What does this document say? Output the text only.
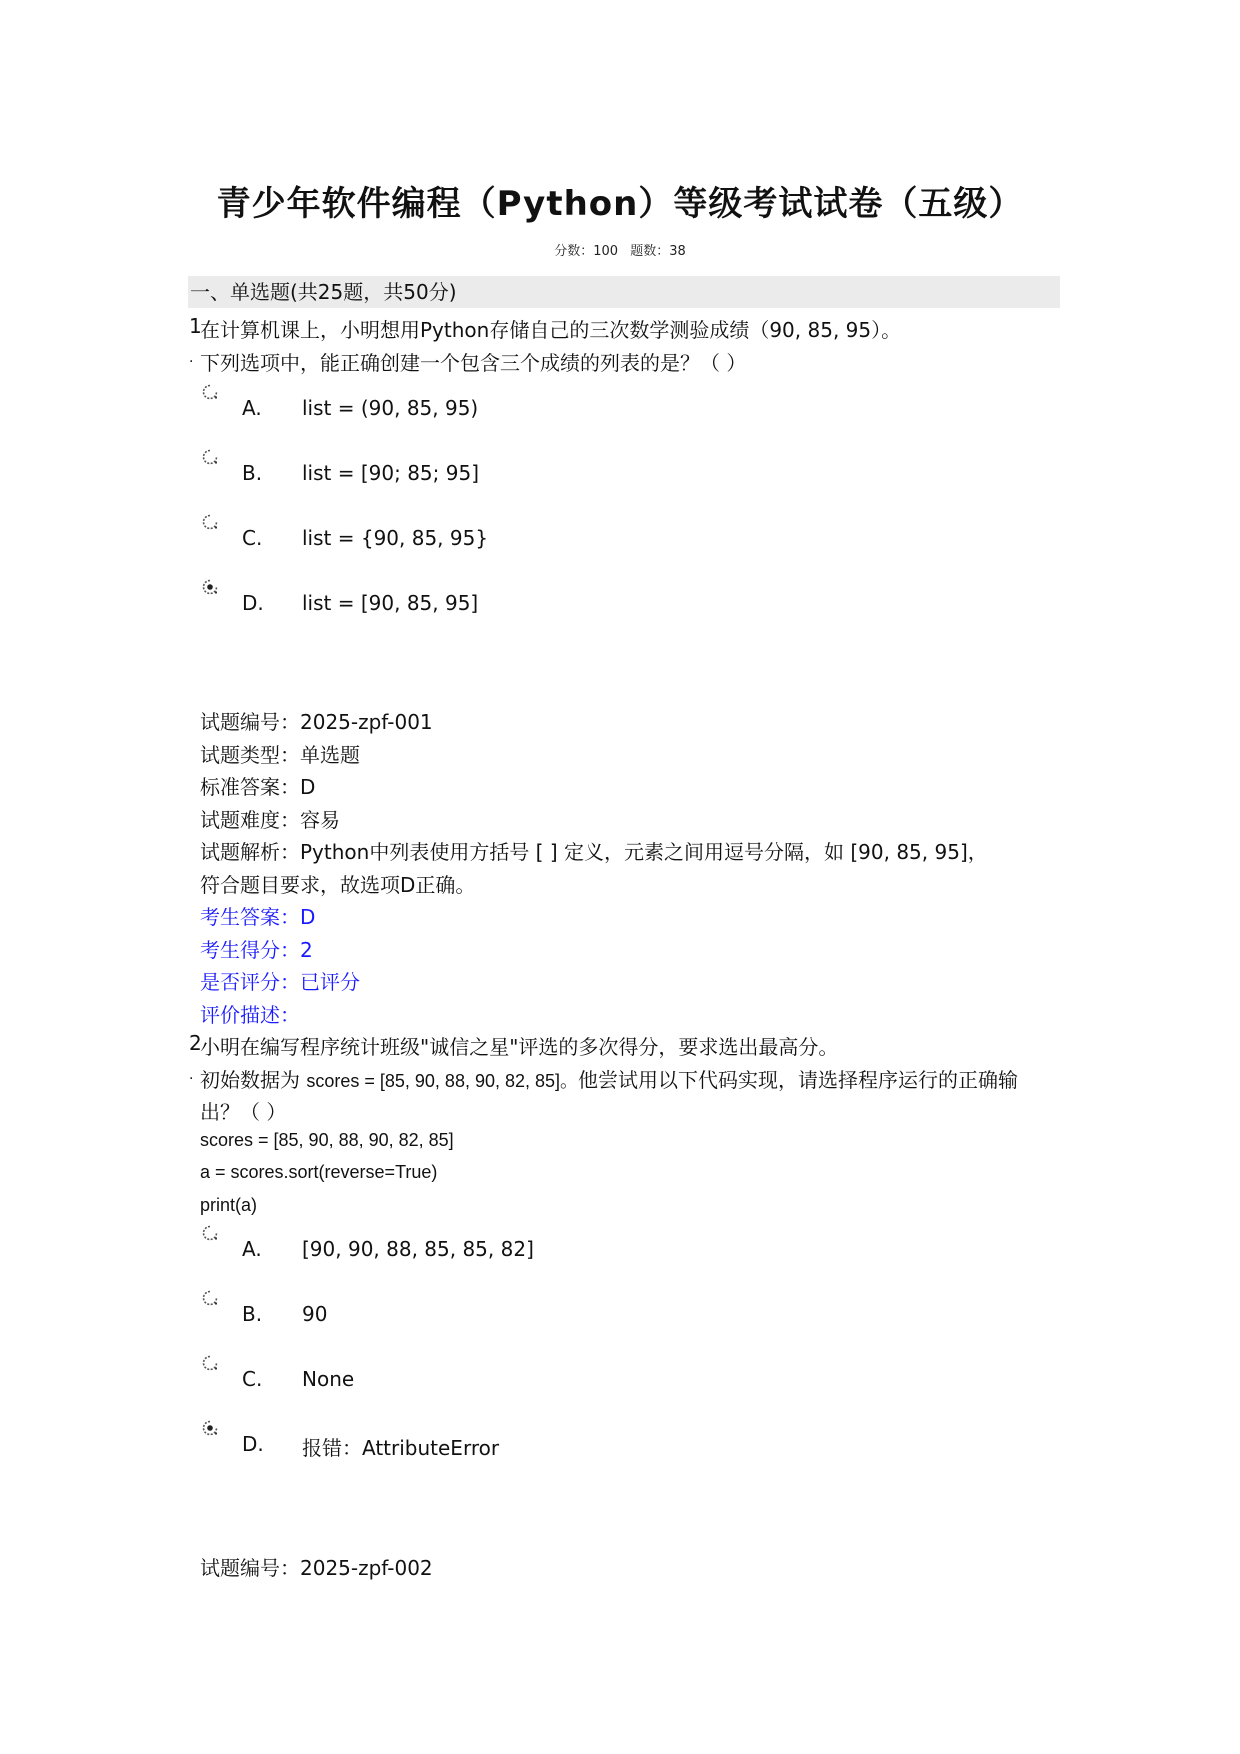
青少年软件编程（Python）等级考试试卷（五级）
分数：100 题数：38
一、单选题(共25题，共50分)
1
在计算机课上，小明想用Python存储自己的三次数学测验成绩（90, 85, 95）。
. 下列选项中，能正确创建一个包含三个成绩的列表的是？（ ）
A. list = (90, 85, 95)
B. list = [90; 85; 95]
C. list = {90, 85, 95}
D. list = [90, 85, 95]
试题编号：2025-zpf-001
试题类型：单选题
标准答案：D
试题难度：容易
试题解析：Python中列表使用方括号 [ ] 定义，元素之间用逗号分隔，如 [90, 85, 95]，
符合题目要求，故选项D正确。
考生答案：D
考生得分：2
是否评分：已评分
评价描述：
2
小明在编写程序统计班级"诚信之星"评选的多次得分，要求选出最高分。
. 初始数据为 scores = [85, 90, 88, 90, 82, 85]。他尝试用以下代码实现，请选择程序运行的正确输
出？（ ）
scores = [85, 90, 88, 90, 82, 85]
a = scores.sort(reverse=True)
print(a)
A. [90, 90, 88, 85, 85, 82]
B. 90
C. None
D. 报错：AttributeError
试题编号：2025-zpf-002
